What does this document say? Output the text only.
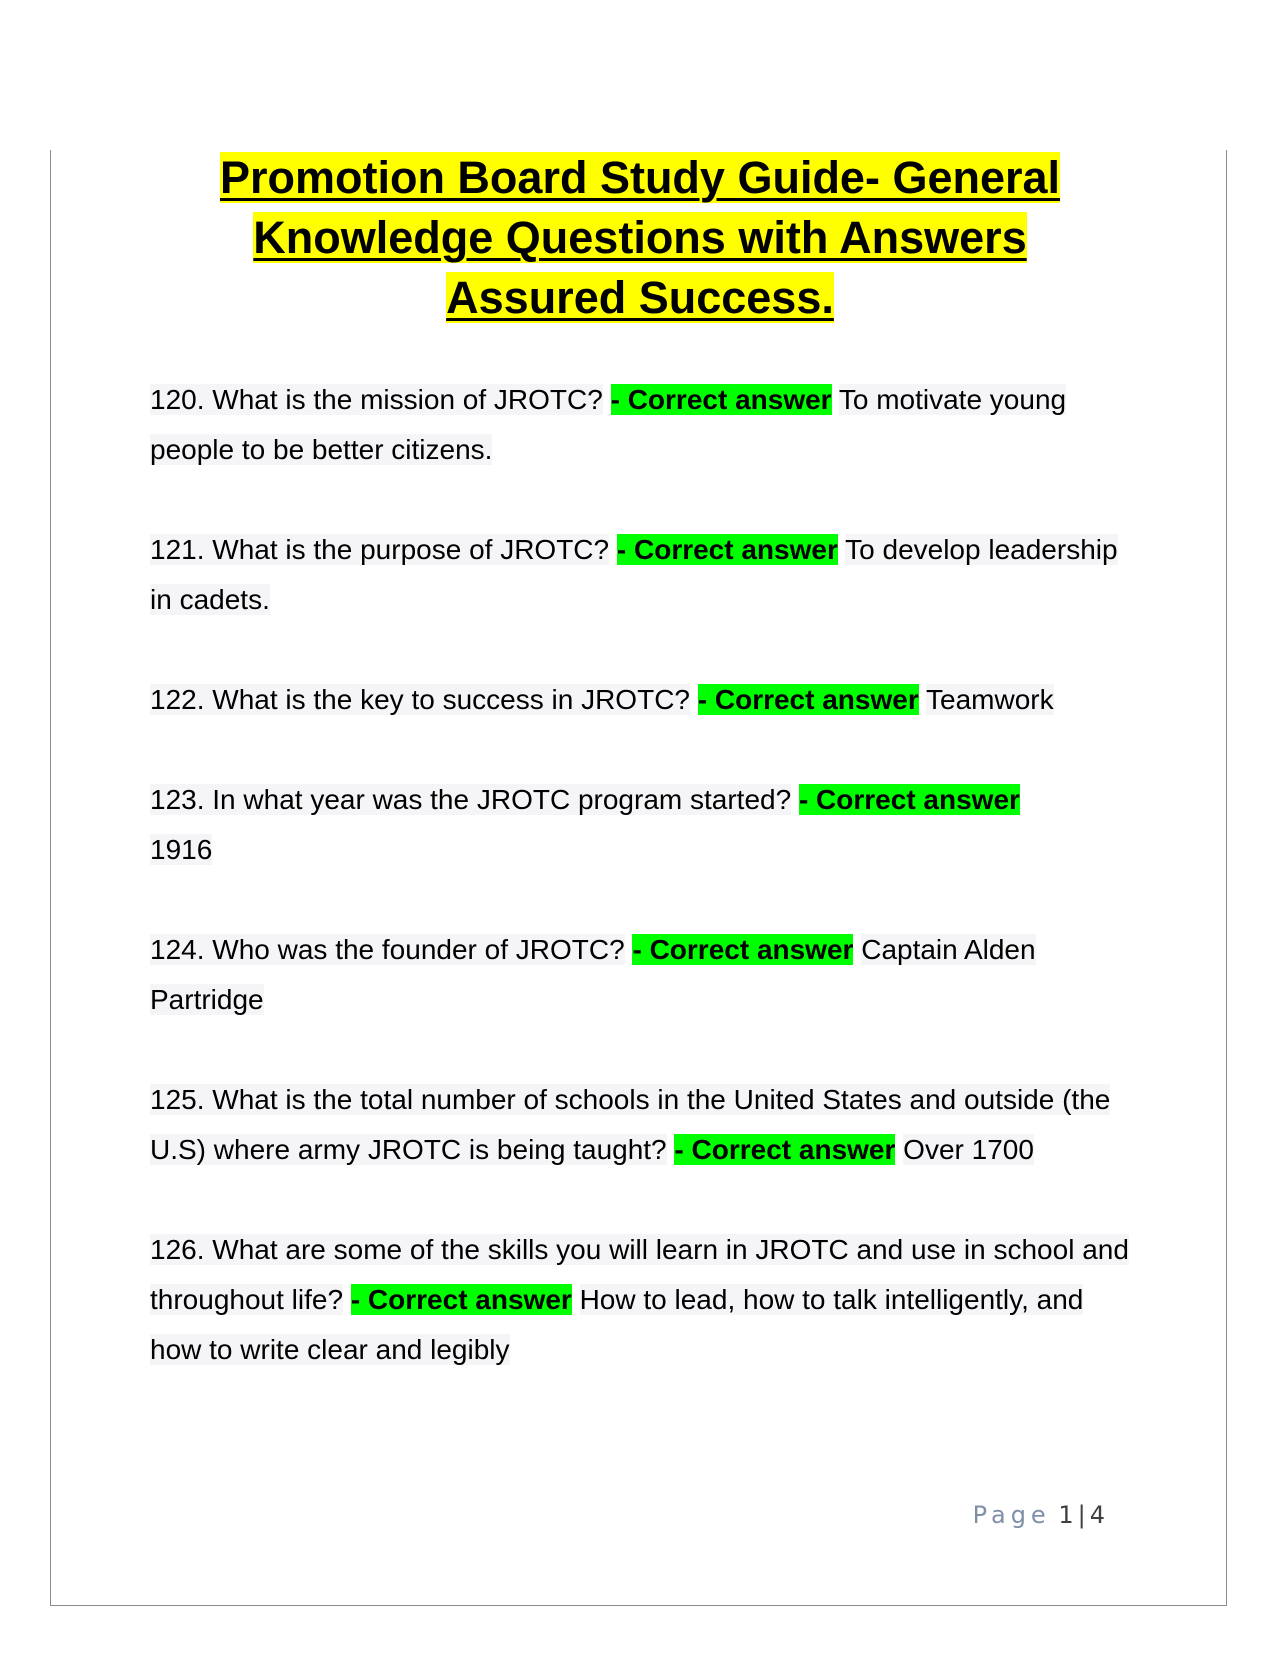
Promotion Board Study Guide- General
Knowledge Questions with Answers
Assured Success.

120. What is the mission of JROTC? - Correct answer To motivate young people to be better citizens.

121. What is the purpose of JROTC? - Correct answer To develop leadership in cadets.

122. What is the key to success in JROTC? - Correct answer Teamwork

123. In what year was the JROTC program started? - Correct answer
1916

124. Who was the founder of JROTC? - Correct answer Captain Alden Partridge

125. What is the total number of schools in the United States and outside (the U.S) where army JROTC is being taught? - Correct answer Over 1700

126. What are some of the skills you will learn in JROTC and use in school and throughout life? - Correct answer How to lead, how to talk intelligently, and how to write clear and legibly

Page 1 | 4
